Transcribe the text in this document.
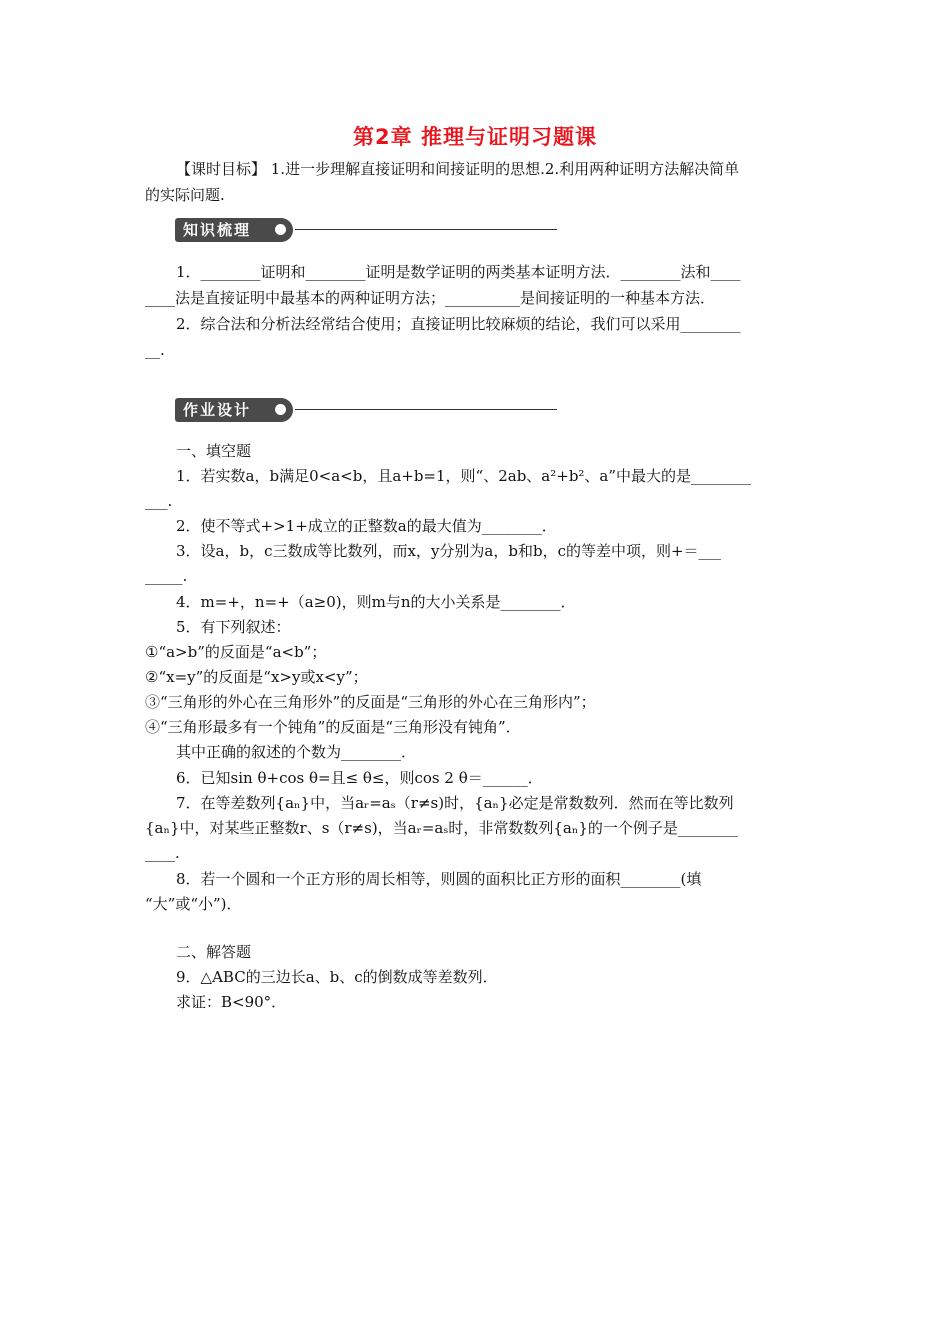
第2章 推理与证明习题课
【课时目标】 1.进一步理解直接证明和间接证明的思想.2.利用两种证明方法解决简单
的实际问题.
知识梳理
1．________证明和________证明是数学证明的两类基本证明方法．________法和____
____法是直接证明中最基本的两种证明方法；__________是间接证明的一种基本方法．
2．综合法和分析法经常结合使用；直接证明比较麻烦的结论，我们可以采用________
__.
作业设计
一、填空题
1．若实数a，b满足0<a<b，且a+b=1，则“、2ab、a²+b²、a”中最大的是________
___.
2．使不等式+>1+成立的正整数a的最大值为________．
3．设a，b，c三数成等比数列，而x，y分别为a，b和b，c的等差中项，则+＝___
_____.
4．m=+，n=+（a≥0)，则m与n的大小关系是________．
5．有下列叙述：
①“a>b”的反面是“a<b”；
②“x=y”的反面是“x>y或x<y”；
③“三角形的外心在三角形外”的反面是“三角形的外心在三角形内”；
④“三角形最多有一个钝角”的反面是“三角形没有钝角”．
其中正确的叙述的个数为________．
6．已知sin θ+cos θ=且≤ θ≤，则cos 2 θ＝______．
7．在等差数列{aₙ}中，当aᵣ=aₛ（r≠s)时，{aₙ}必定是常数数列．然而在等比数列
{aₙ}中，对某些正整数r、s（r≠s)，当aᵣ=aₛ时，非常数数列{aₙ}的一个例子是________
____.
8．若一个圆和一个正方形的周长相等，则圆的面积比正方形的面积________(填
“大”或“小”)．
二、解答题
9．△ABC的三边长a、b、c的倒数成等差数列．
求证：B<90°．
